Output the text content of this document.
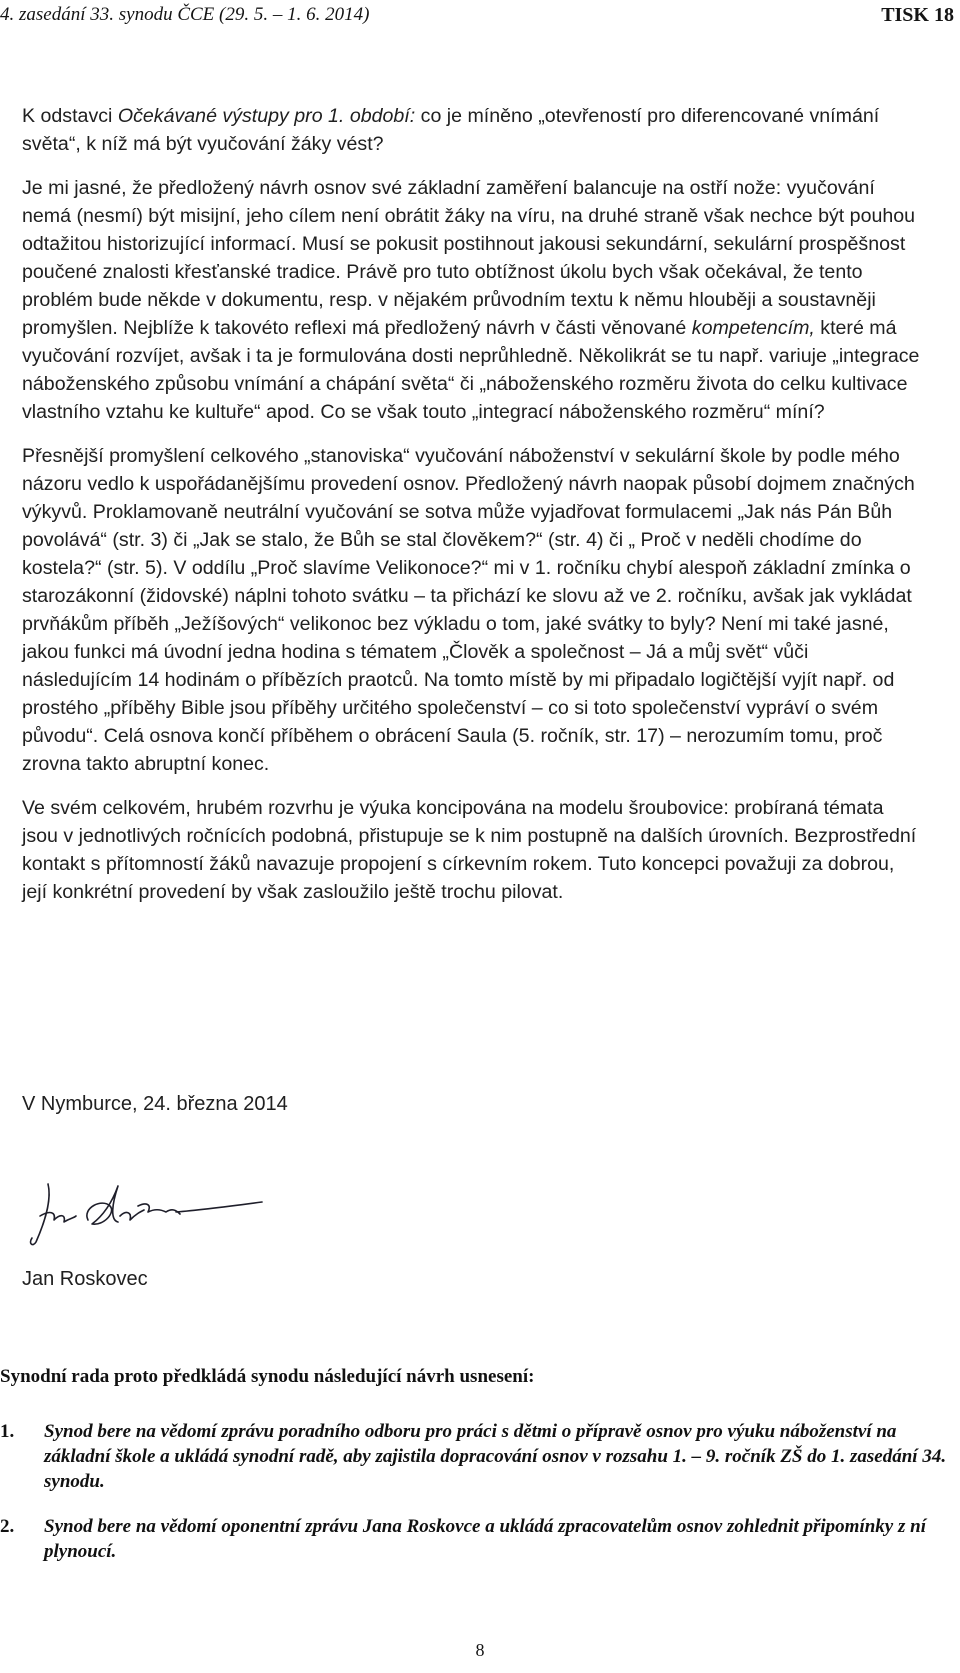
4. zasedání 33. synodu ČCE (29. 5. – 1. 6. 2014)	TISK 18

K odstavci Očekávané výstupy pro 1. období: co je míněno „otevřeností pro diferencované vnímání světa“, k níž má být vyučování žáky vést?

Je mi jasné, že předložený návrh osnov své základní zaměření balancuje na ostří nože: vyučování nemá (nesmí) být misijní, jeho cílem není obrátit žáky na víru, na druhé straně však nechce být pouhou odtažitou historizující informací. Musí se pokusit postihnout jakousi sekundární, sekulární prospěšnost poučené znalosti křesťanské tradice. Právě pro tuto obtížnost úkolu bych však očekával, že tento problém bude někde v dokumentu, resp. v nějakém průvodním textu k němu hlouběji a soustavněji promyšlen. Nejblíže k takovéto reflexi má předložený návrh v části věnované kompetencím, které má vyučování rozvíjet, avšak i ta je formulována dosti neprůhledně. Několikrát se tu např. variuje „integrace náboženského způsobu vnímání a chápání světa“ či „náboženského rozměru života do celku kultivace vlastního vztahu ke kultuře“ apod. Co se však touto „integrací náboženského rozměru“ míní?

Přesnější promyšlení celkového „stanoviska“ vyučování náboženství v sekulární škole by podle mého názoru vedlo k uspořádanějšímu provedení osnov. Předložený návrh naopak působí dojmem značných výkyvů. Proklamovaně neutrální vyučování se sotva může vyjadřovat formulacemi „Jak nás Pán Bůh povolává“ (str. 3) či „Jak se stalo, že Bůh se stal člověkem?“ (str. 4) či „ Proč v neděli chodíme do kostela?“ (str. 5). V oddílu „Proč slavíme Velikonoce?“ mi v 1. ročníku chybí alespoň základní zmínka o starozákonní (židovské) náplni tohoto svátku – ta přichází ke slovu až ve 2. ročníku, avšak jak vykládat prvňákům příběh „Ježíšových“ velikonoc bez výkladu o tom, jaké svátky to byly? Není mi také jasné, jakou funkci má úvodní jedna hodina s tématem „Člověk a společnost – Já a můj svět“ vůči následujícím 14 hodinám o příbězích praotců. Na tomto místě by mi připadalo logičtější vyjít např. od prostého „příběhy Bible jsou příběhy určitého společenství – co si toto společenství vypráví o svém původu“. Celá osnova končí příběhem o obrácení Saula (5. ročník, str. 17) – nerozumím tomu, proč zrovna takto abruptní konec.

Ve svém celkovém, hrubém rozvrhu je výuka koncipována na modelu šroubovice: probíraná témata jsou v jednotlivých ročnících podobná, přistupuje se k nim postupně na dalších úrovních. Bezprostřední kontakt s přítomností žáků navazuje propojení s církevním rokem. Tuto koncepci považuji za dobrou, její konkrétní provedení by však zasloužilo ještě trochu pilovat.

V Nymburce, 24. března 2014
Jan Roskovec
Synodní rada proto předkládá synodu následující návrh usnesení:
1. Synod bere na vědomí zprávu poradního odboru pro práci s dětmi o přípravě osnov pro výuku náboženství na základní škole a ukládá synodní radě, aby zajistila dopracování osnov v rozsahu 1. – 9. ročník ZŠ do 1. zasedání 34. synodu.
2. Synod bere na vědomí oponentní zprávu Jana Roskovce a ukládá zpracovatelům osnov zohlednit připomínky z ní plynoucí.
8
